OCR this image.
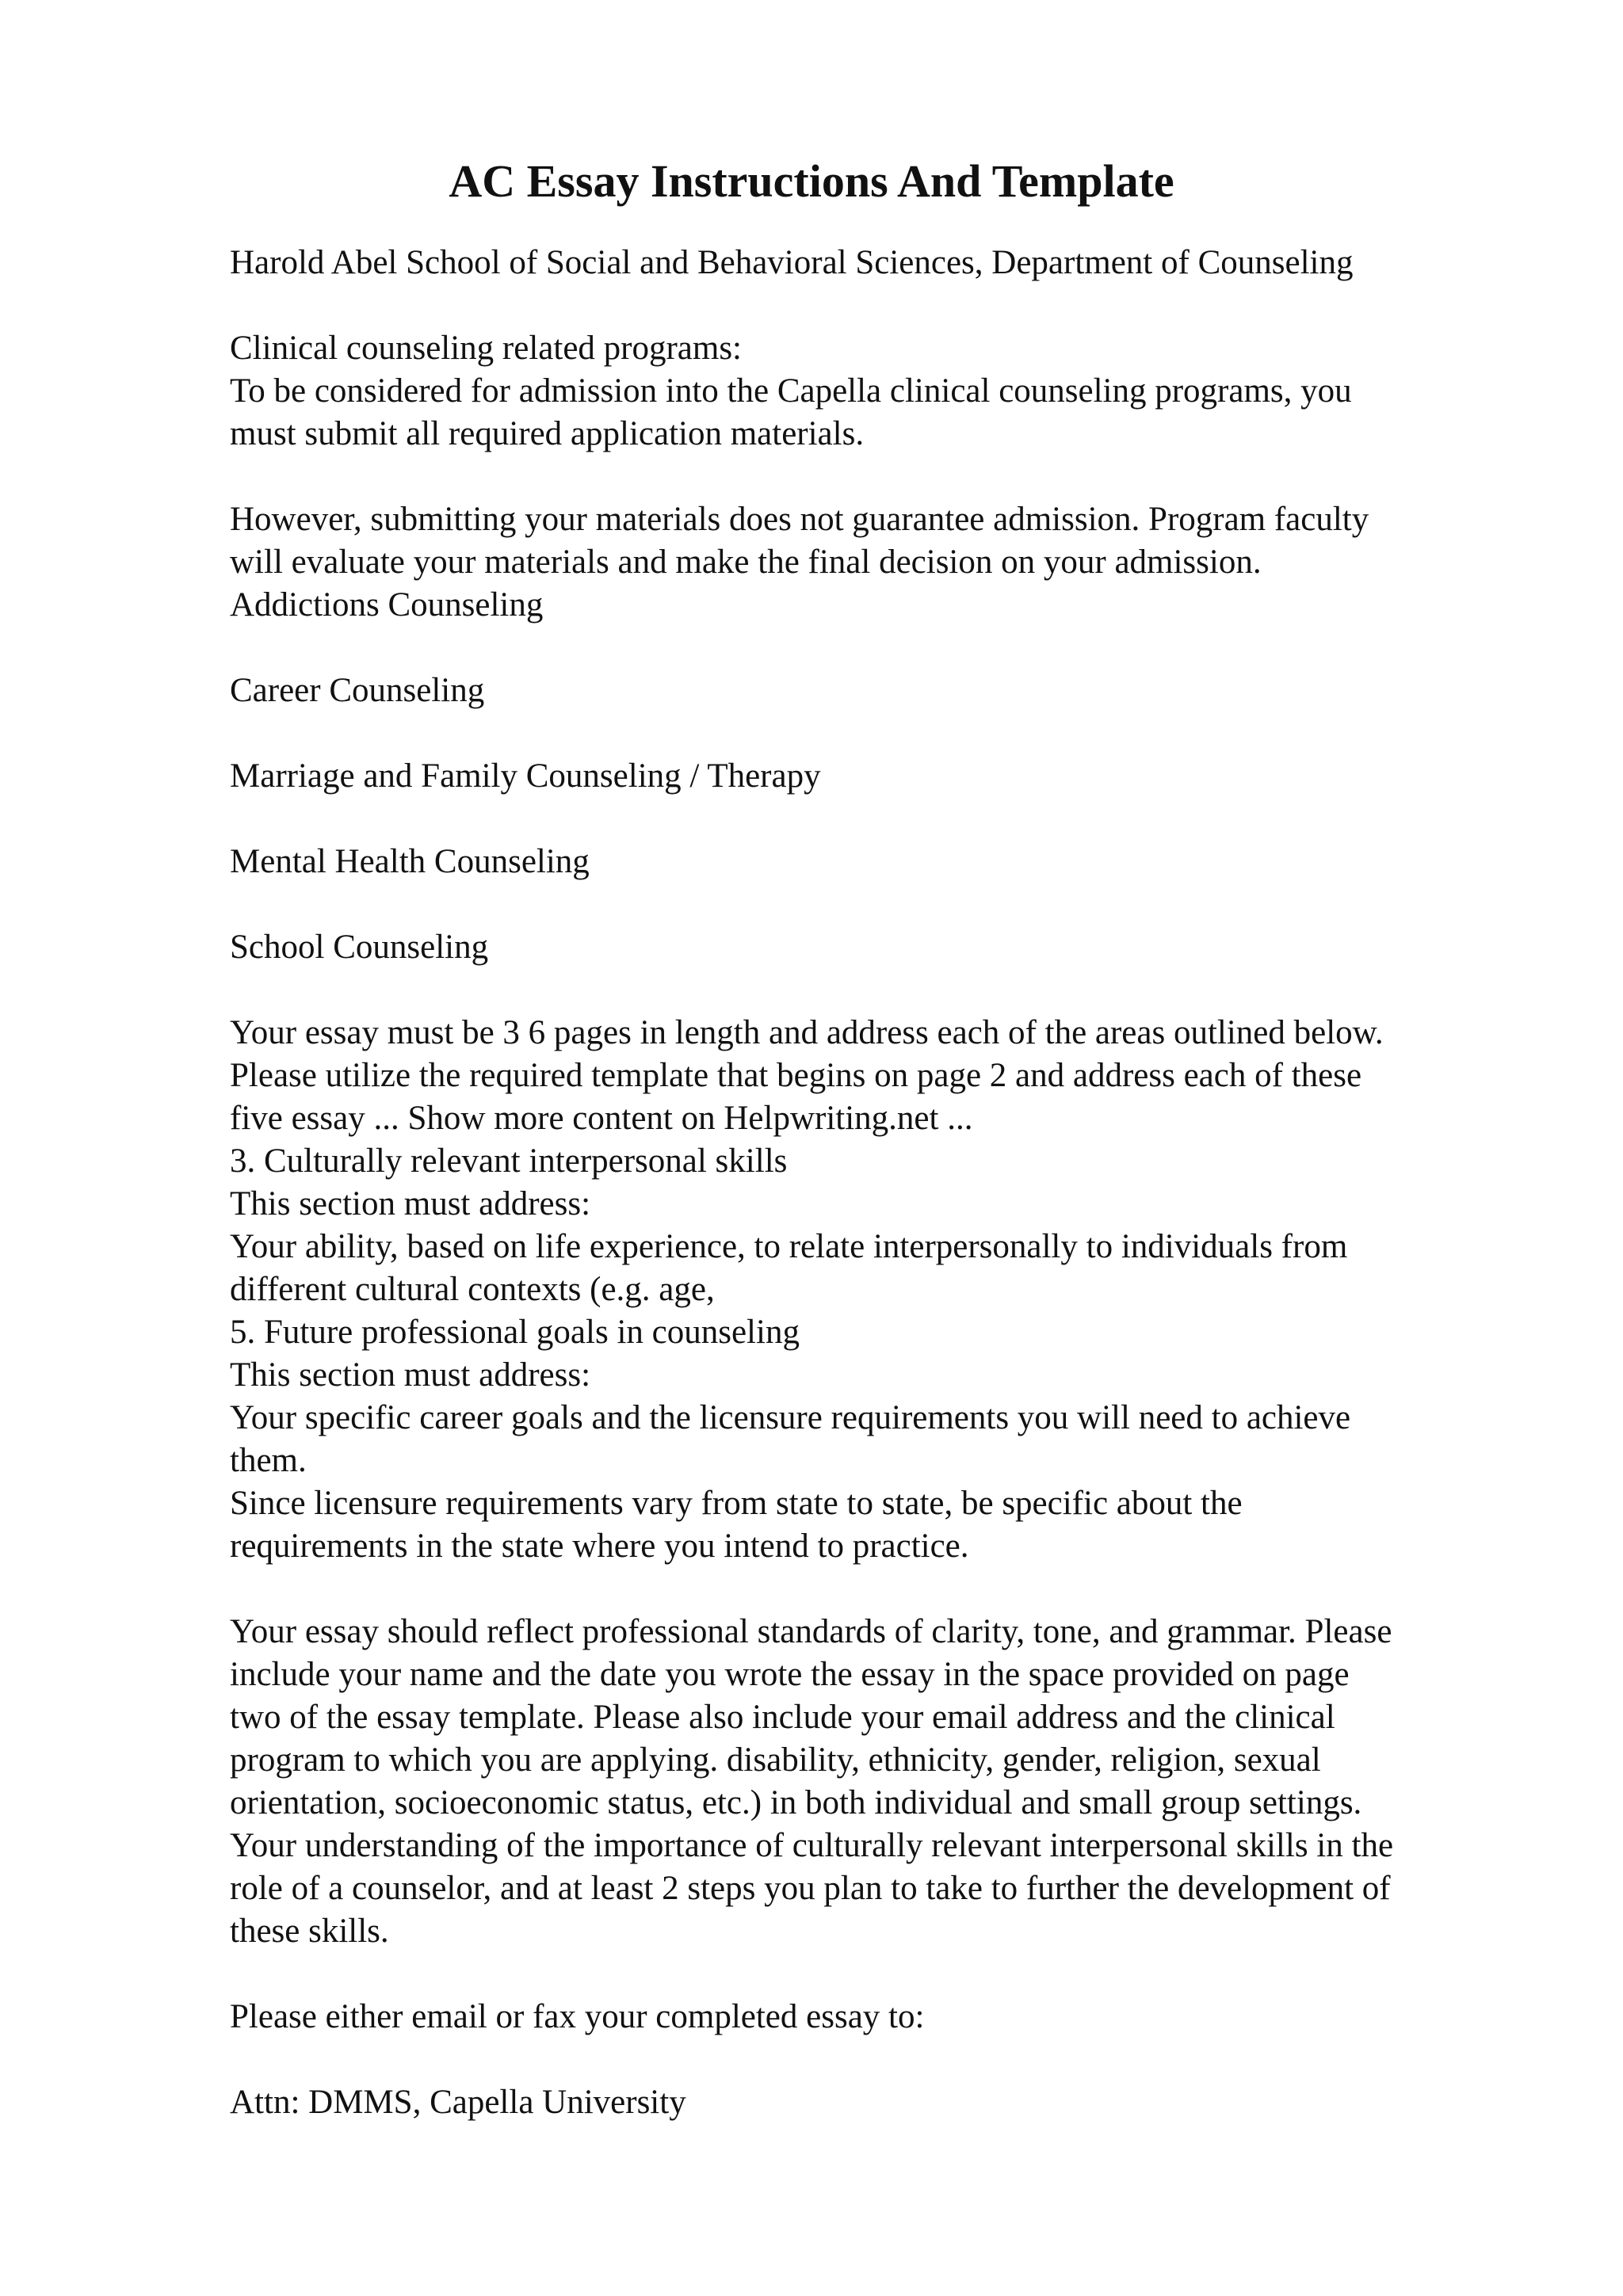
AC Essay Instructions And Template
Harold Abel School of Social and Behavioral Sciences, Department of Counseling
Clinical counseling related programs:
To be considered for admission into the Capella clinical counseling programs, you
must submit all required application materials.
However, submitting your materials does not guarantee admission. Program faculty
will evaluate your materials and make the final decision on your admission.
Addictions Counseling
Career Counseling
Marriage and Family Counseling / Therapy
Mental Health Counseling
School Counseling
Your essay must be 3 6 pages in length and address each of the areas outlined below.
Please utilize the required template that begins on page 2 and address each of these
five essay ... Show more content on Helpwriting.net ...
3. Culturally relevant interpersonal skills
This section must address:
Your ability, based on life experience, to relate interpersonally to individuals from
different cultural contexts (e.g. age,
5. Future professional goals in counseling
This section must address:
Your specific career goals and the licensure requirements you will need to achieve
them.
Since licensure requirements vary from state to state, be specific about the
requirements in the state where you intend to practice.
Your essay should reflect professional standards of clarity, tone, and grammar. Please
include your name and the date you wrote the essay in the space provided on page
two of the essay template. Please also include your email address and the clinical
program to which you are applying. disability, ethnicity, gender, religion, sexual
orientation, socioeconomic status, etc.) in both individual and small group settings.
Your understanding of the importance of culturally relevant interpersonal skills in the
role of a counselor, and at least 2 steps you plan to take to further the development of
these skills.
Please either email or fax your completed essay to:
Attn: DMMS, Capella University
